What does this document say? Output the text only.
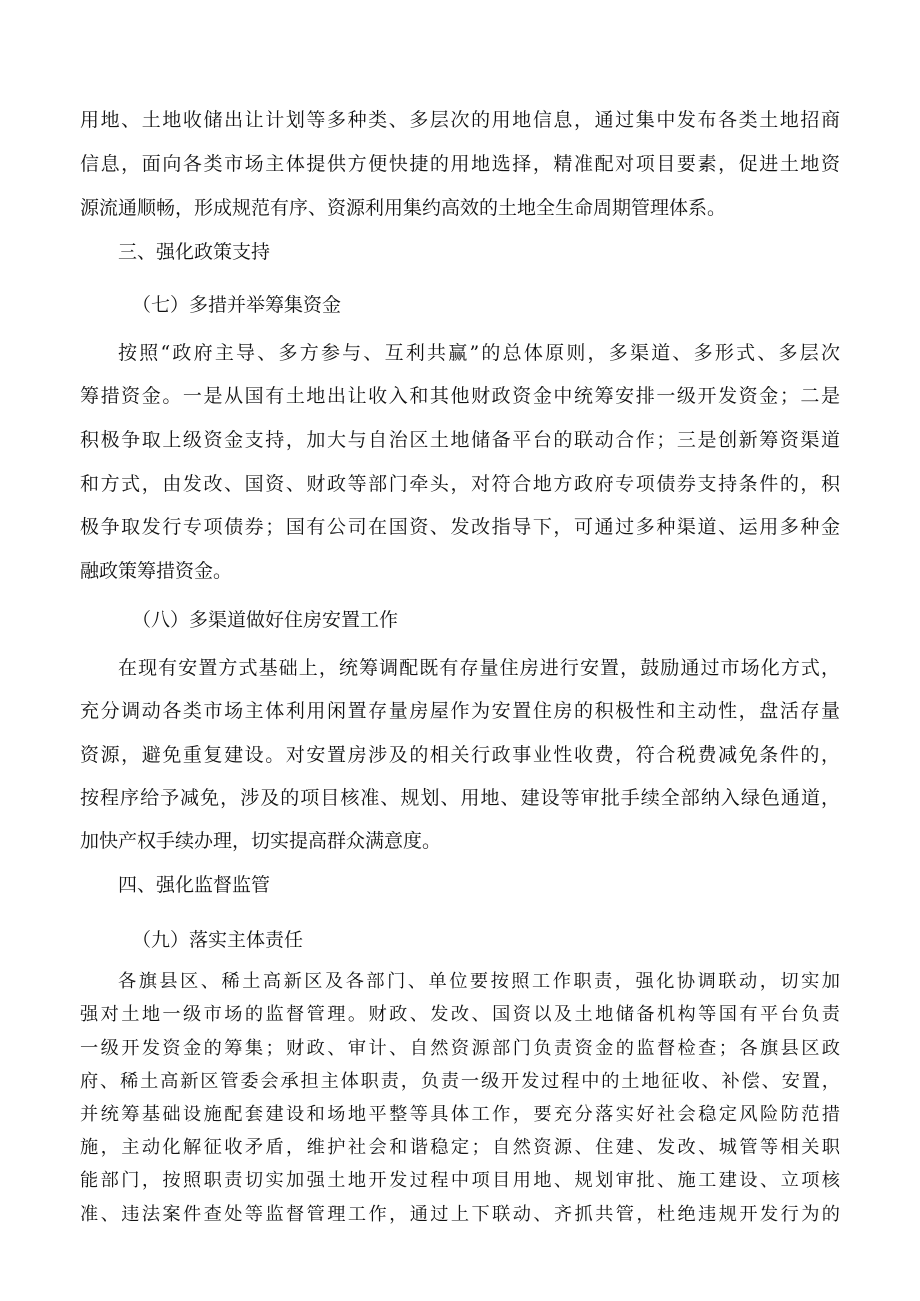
用地、土地收储出让计划等多种类、多层次的用地信息，通过集中发布各类土地招商
信息，面向各类市场主体提供方便快捷的用地选择，精准配对项目要素，促进土地资
源流通顺畅，形成规范有序、资源利用集约高效的土地全生命周期管理体系。
三、强化政策支持
（七）多措并举筹集资金
按照“政府主导、多方参与、互利共赢”的总体原则，多渠道、多形式、多层次
筹措资金。一是从国有土地出让收入和其他财政资金中统筹安排一级开发资金；二是
积极争取上级资金支持，加大与自治区土地储备平台的联动合作；三是创新筹资渠道
和方式，由发改、国资、财政等部门牵头，对符合地方政府专项债券支持条件的，积
极争取发行专项债券；国有公司在国资、发改指导下，可通过多种渠道、运用多种金
融政策筹措资金。
（八）多渠道做好住房安置工作
在现有安置方式基础上，统筹调配既有存量住房进行安置，鼓励通过市场化方式，
充分调动各类市场主体利用闲置存量房屋作为安置住房的积极性和主动性，盘活存量
资源，避免重复建设。对安置房涉及的相关行政事业性收费，符合税费减免条件的，
按程序给予减免，涉及的项目核准、规划、用地、建设等审批手续全部纳入绿色通道，
加快产权手续办理，切实提高群众满意度。
四、强化监督监管
（九）落实主体责任
各旗县区、稀土高新区及各部门、单位要按照工作职责，强化协调联动，切实加
强对土地一级市场的监督管理。财政、发改、国资以及土地储备机构等国有平台负责
一级开发资金的筹集；财政、审计、自然资源部门负责资金的监督检查；各旗县区政
府、稀土高新区管委会承担主体职责，负责一级开发过程中的土地征收、补偿、安置，
并统筹基础设施配套建设和场地平整等具体工作，要充分落实好社会稳定风险防范措
施，主动化解征收矛盾，维护社会和谐稳定；自然资源、住建、发改、城管等相关职
能部门，按照职责切实加强土地开发过程中项目用地、规划审批、施工建设、立项核
准、违法案件查处等监督管理工作，通过上下联动、齐抓共管，杜绝违规开发行为的
